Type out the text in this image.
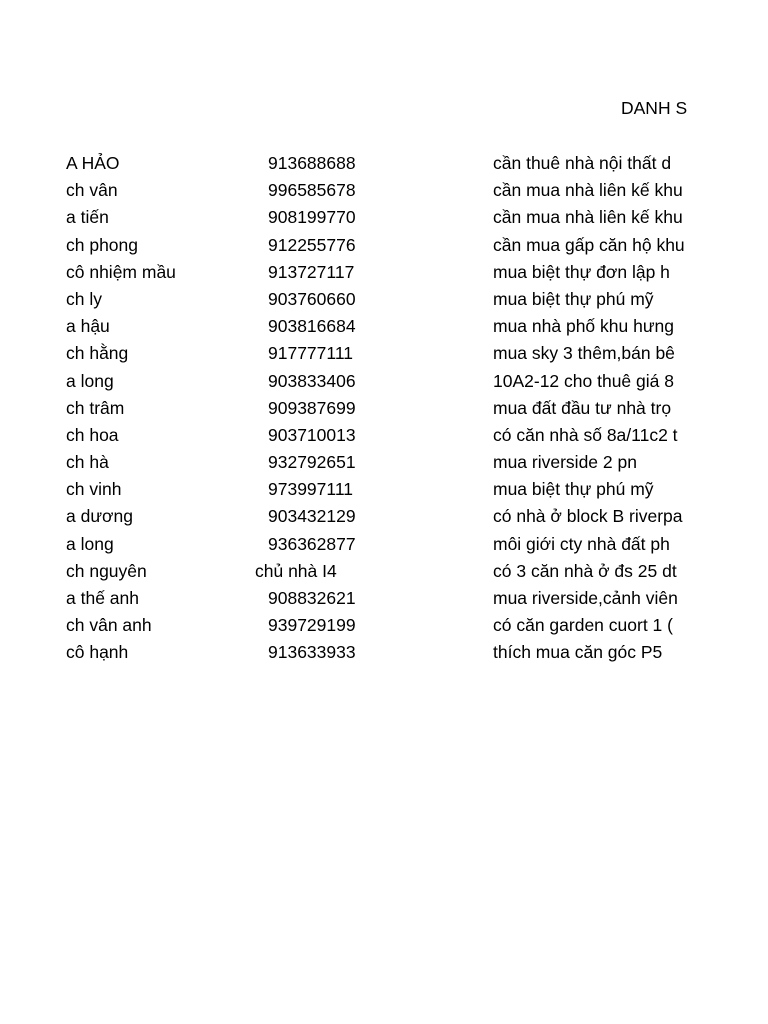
DANH S
A HẢO	913688688	cần thuê nhà nội thất d
ch vân	996585678	cần mua nhà liên kế khu
a tiến	908199770	cần mua nhà liên kế khu
ch phong	912255776	cần mua gấp căn hộ khu
cô nhiệm mầu	913727117	mua biệt thự đơn lập h
ch ly	903760660	mua biệt thự phú mỹ
a hậu	903816684	mua nhà phố khu hưng
ch hằng	917777111	mua sky 3 thêm,bán bê
a long	903833406	10A2-12 cho thuê giá 8
ch trâm	909387699	mua đất đầu tư nhà trọ
ch hoa	903710013	có căn nhà số 8a/11c2 t
ch hà	932792651	mua riverside 2 pn
ch vinh	973997111	mua biệt thự phú mỹ
a dương	903432129	có nhà ở block B riverpa
a long	936362877	môi giới cty nhà đất ph
ch nguyên	chủ nhà I4	có 3 căn nhà ở đs 25 dt
a thế anh	908832621	mua riverside,cảnh viên
ch vân anh	939729199	có căn garden cuort 1 (
cô hạnh	913633933	thích mua căn góc P5
